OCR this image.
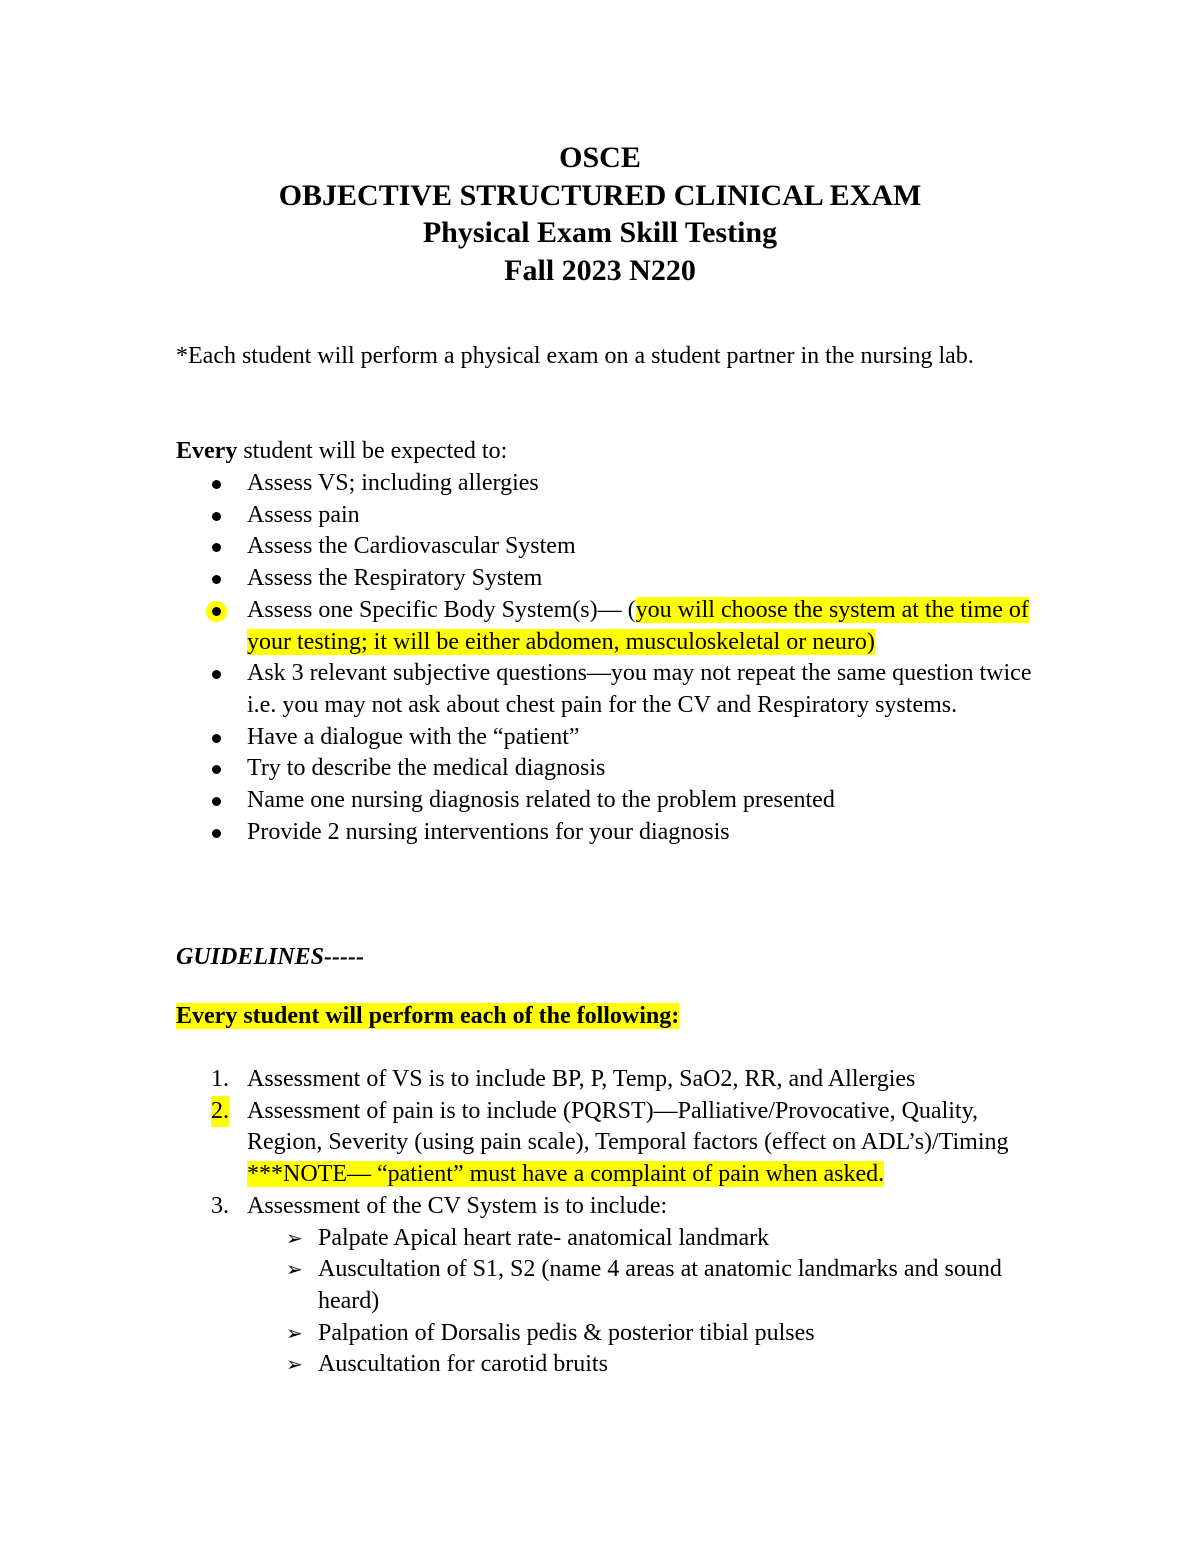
OSCE
OBJECTIVE STRUCTURED CLINICAL EXAM
Physical Exam Skill Testing
Fall 2023 N220
*Each student will perform a physical exam on a student partner in the nursing lab.
Every student will be expected to:
Assess VS; including allergies
Assess pain
Assess the Cardiovascular System
Assess the Respiratory System
Assess one Specific Body System(s)— (you will choose the system at the time of your testing; it will be either abdomen, musculoskeletal or neuro)
Ask 3 relevant subjective questions—you may not repeat the same question twice i.e. you may not ask about chest pain for the CV and Respiratory systems.
Have a dialogue with the “patient”
Try to describe the medical diagnosis
Name one nursing diagnosis related to the problem presented
Provide 2 nursing interventions for your diagnosis
GUIDELINES-----
Every student will perform each of the following:
1. Assessment of VS is to include BP, P, Temp, SaO2, RR, and Allergies
2. Assessment of pain is to include (PQRST)—Palliative/Provocative, Quality, Region, Severity (using pain scale), Temporal factors (effect on ADL’s)/Timing ***NOTE— “patient” must have a complaint of pain when asked.
3. Assessment of the CV System is to include:
➢ Palpate Apical heart rate- anatomical landmark
➢ Auscultation of S1, S2 (name 4 areas at anatomic landmarks and sound heard)
➢ Palpation of Dorsalis pedis & posterior tibial pulses
➢ Auscultation for carotid bruits
